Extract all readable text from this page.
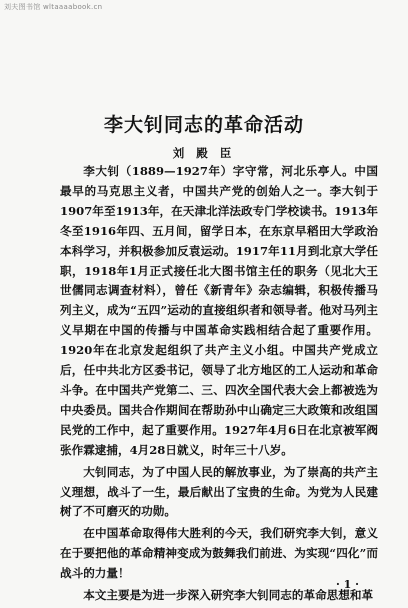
刘夫图书馆 wltaaaabook.cn
李大钊同志的革命活动
刘 殿 臣

李大钊（1889—1927年）字守常，河北乐亭人。中国最早的马克思主义者，中国共产党的创始人之一。李大钊于1907年至1913年，在天津北洋法政专门学校读书。1913年冬至1916年四、五月间，留学日本，在东京早稻田大学政治本科学习，并积极参加反袁运动。1917年11月到北京大学任职，1918年1月正式接任北大图书馆主任的职务（见北大王世儒同志调查材料），曾任《新青年》杂志编辑，积极传播马列主义，成为“五四”运动的直接组织者和领导者。他对马列主义早期在中国的传播与中国革命实践相结合起了重要作用。1920年在北京发起组织了共产主义小组。中国共产党成立后，任中共北方区委书记，领导了北方地区的工人运动和革命斗争。在中国共产党第二、三、四次全国代表大会上都被选为中央委员。国共合作期间在帮助孙中山确定三大政策和改组国民党的工作中，起了重要作用。1927年4月6日在北京被军阀张作霖逮捕，4月28日就义，时年三十八岁。

大钊同志，为了中国人民的解放事业，为了崇高的共产主义理想，战斗了一生，最后献出了宝贵的生命。为党为人民建树了不可磨灭的功勋。

在中国革命取得伟大胜利的今天，我们研究李大钊，意义在于要把他的革命精神变成为鼓舞我们前进、为实现“四化”而战斗的力量！

本文主要是为进一步深入研究李大钊同志的革命思想和革

· 1 ·
